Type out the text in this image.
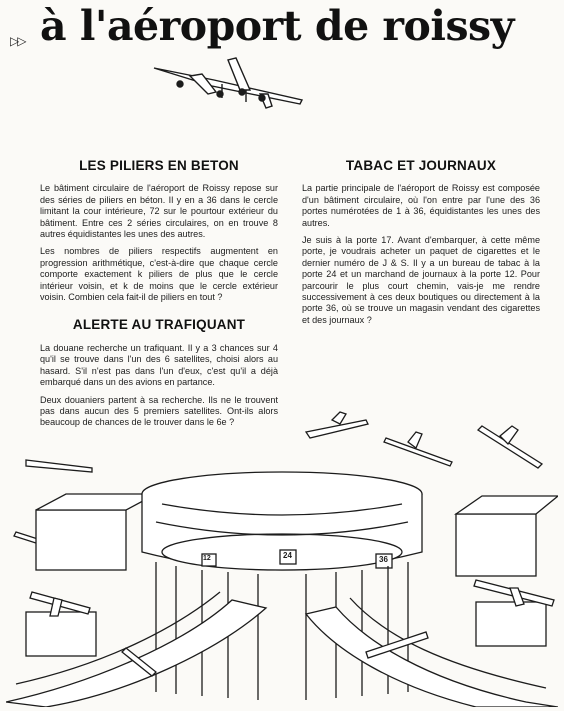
▷▷ à l'aéroport de roissy
LES PILIERS EN BETON

Le bâtiment circulaire de l'aéroport de Roissy repose sur des séries de piliers en béton. Il y en a 36 dans le cercle limitant la cour intérieure, 72 sur le pourtour extérieur du bâtiment. Entre ces 2 séries circulaires, on en trouve 8 autres équidistantes les unes des autres.

Les nombres de piliers respectifs augmentent en progression arithmétique, c'est-à-dire que chaque cercle comporte exactement k piliers de plus que le cercle intérieur voisin, et k de moins que le cercle extérieur voisin. Combien cela fait-il de piliers en tout ?

ALERTE AU TRAFIQUANT

La douane recherche un trafiquant. Il y a 3 chances sur 4 qu'il se trouve dans l'un des 6 satellites, choisi alors au hasard. S'il n'est pas dans l'un d'eux, c'est qu'il a déjà embarqué dans un des avions en partance.

Deux douaniers partent à sa recherche. Ils ne le trouvent pas dans aucun des 5 premiers satellites. Ont-ils alors beaucoup de chances de le trouver dans le 6e ?

TABAC ET JOURNAUX

La partie principale de l'aéroport de Roissy est composée d'un bâtiment circulaire, où l'on entre par l'une des 36 portes numérotées de 1 à 36, équidistantes les unes des autres.

Je suis à la porte 17. Avant d'embarquer, à cette même porte, je voudrais acheter un paquet de cigarettes et le dernier numéro de J & S. Il y a un bureau de tabac à la porte 24 et un marchand de journaux à la porte 12. Pour parcourir le plus court chemin, vais-je me rendre successivement à ces deux boutiques ou directement à la porte 36, où se trouve un magasin vendant des cigarettes et des journaux ?

12	24	36
